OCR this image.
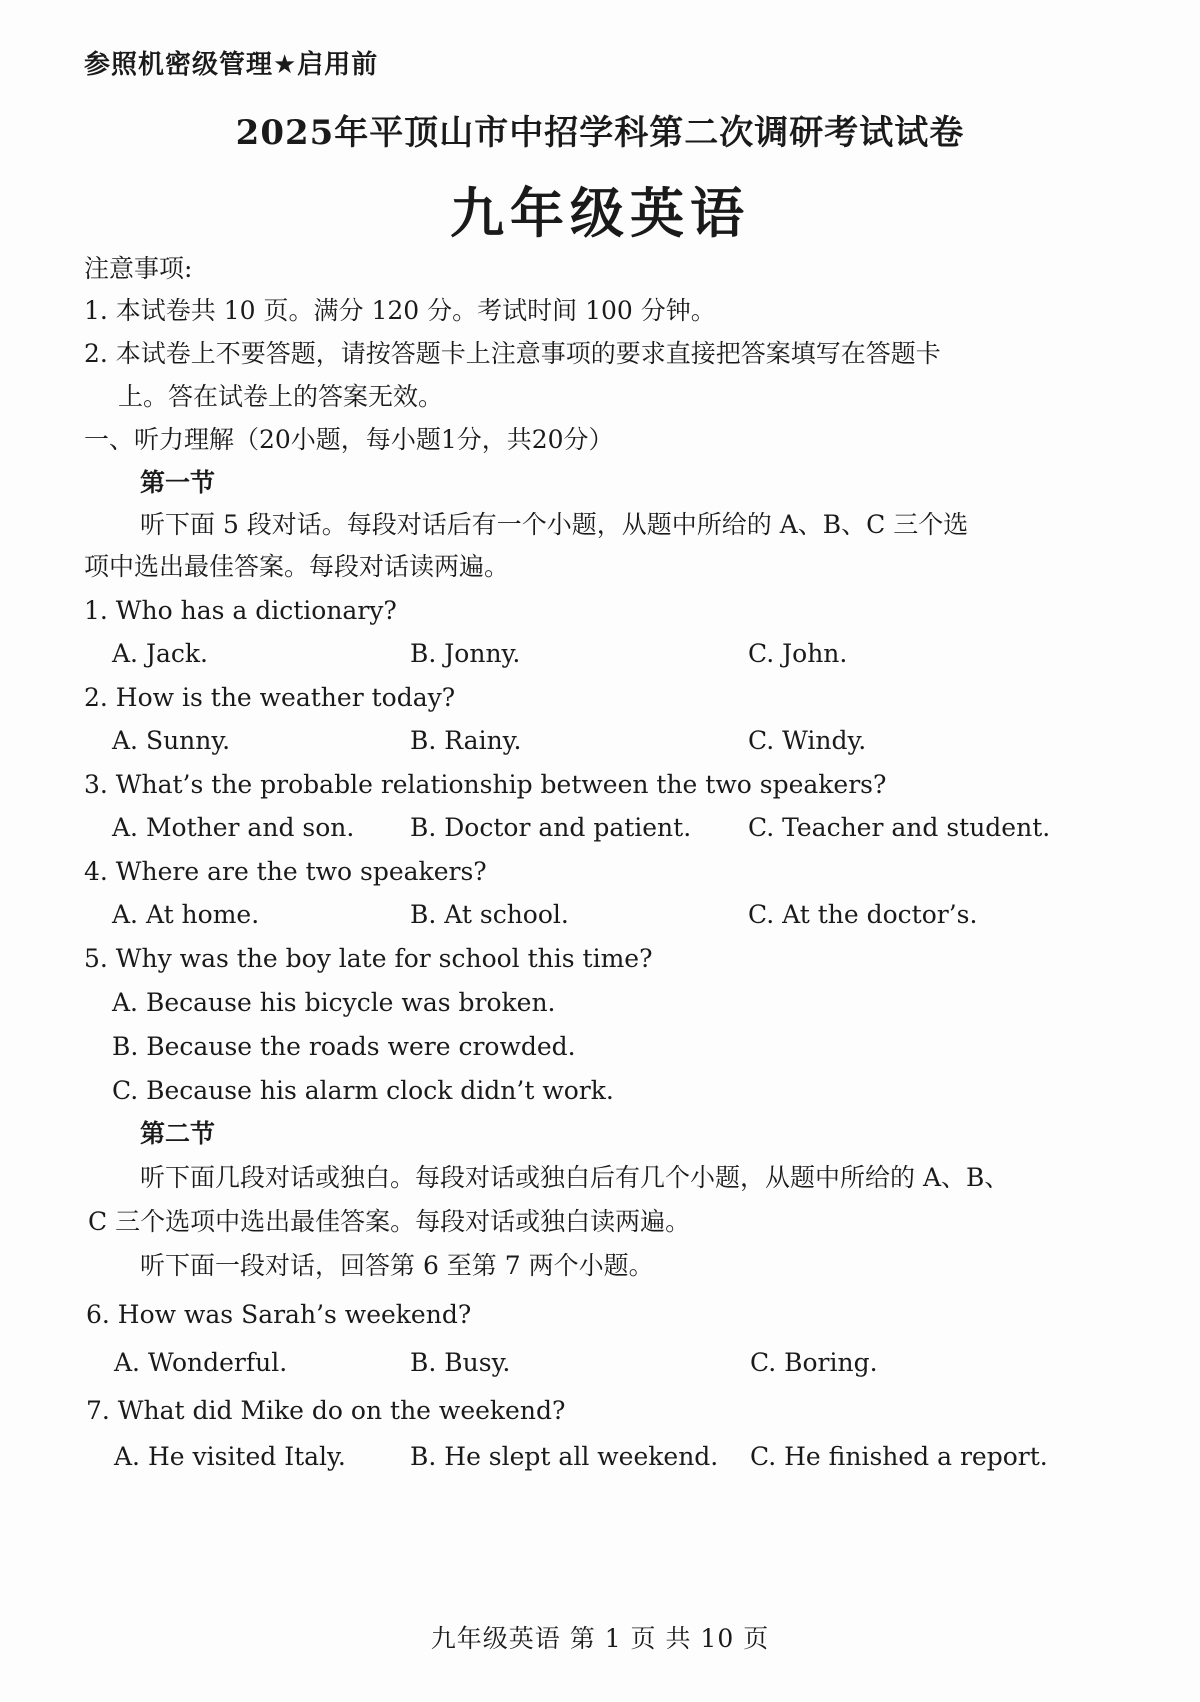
参照机密级管理★启用前
2025年平顶山市中招学科第二次调研考试试卷
九年级英语
注意事项:
1. 本试卷共 10 页。满分 120 分。考试时间 100 分钟。
2. 本试卷上不要答题，请按答题卡上注意事项的要求直接把答案填写在答题卡
上。答在试卷上的答案无效。
一、听力理解（20小题，每小题1分，共20分）
第一节
听下面 5 段对话。每段对话后有一个小题，从题中所给的 A、B、C 三个选
项中选出最佳答案。每段对话读两遍。
1. Who has a dictionary?
A. Jack.	B. Jonny.	C. John.
2. How is the weather today?
A. Sunny.	B. Rainy.	C. Windy.
3. What’s the probable relationship between the two speakers?
A. Mother and son. B. Doctor and patient. C. Teacher and student.
4. Where are the two speakers?
A. At home.	B. At school.	C. At the doctor’s.
5. Why was the boy late for school this time?
A. Because his bicycle was broken.
B. Because the roads were crowded.
C. Because his alarm clock didn’t work.
第二节
听下面几段对话或独白。每段对话或独白后有几个小题，从题中所给的 A、B、
C 三个选项中选出最佳答案。每段对话或独白读两遍。
听下面一段对话，回答第 6 至第 7 两个小题。
6. How was Sarah’s weekend?
A. Wonderful.	B. Busy.	C. Boring.
7. What did Mike do on the weekend?
A. He visited Italy.	B. He slept all weekend. C. He finished a report.
九年级英语 第 1 页 共 10 页
